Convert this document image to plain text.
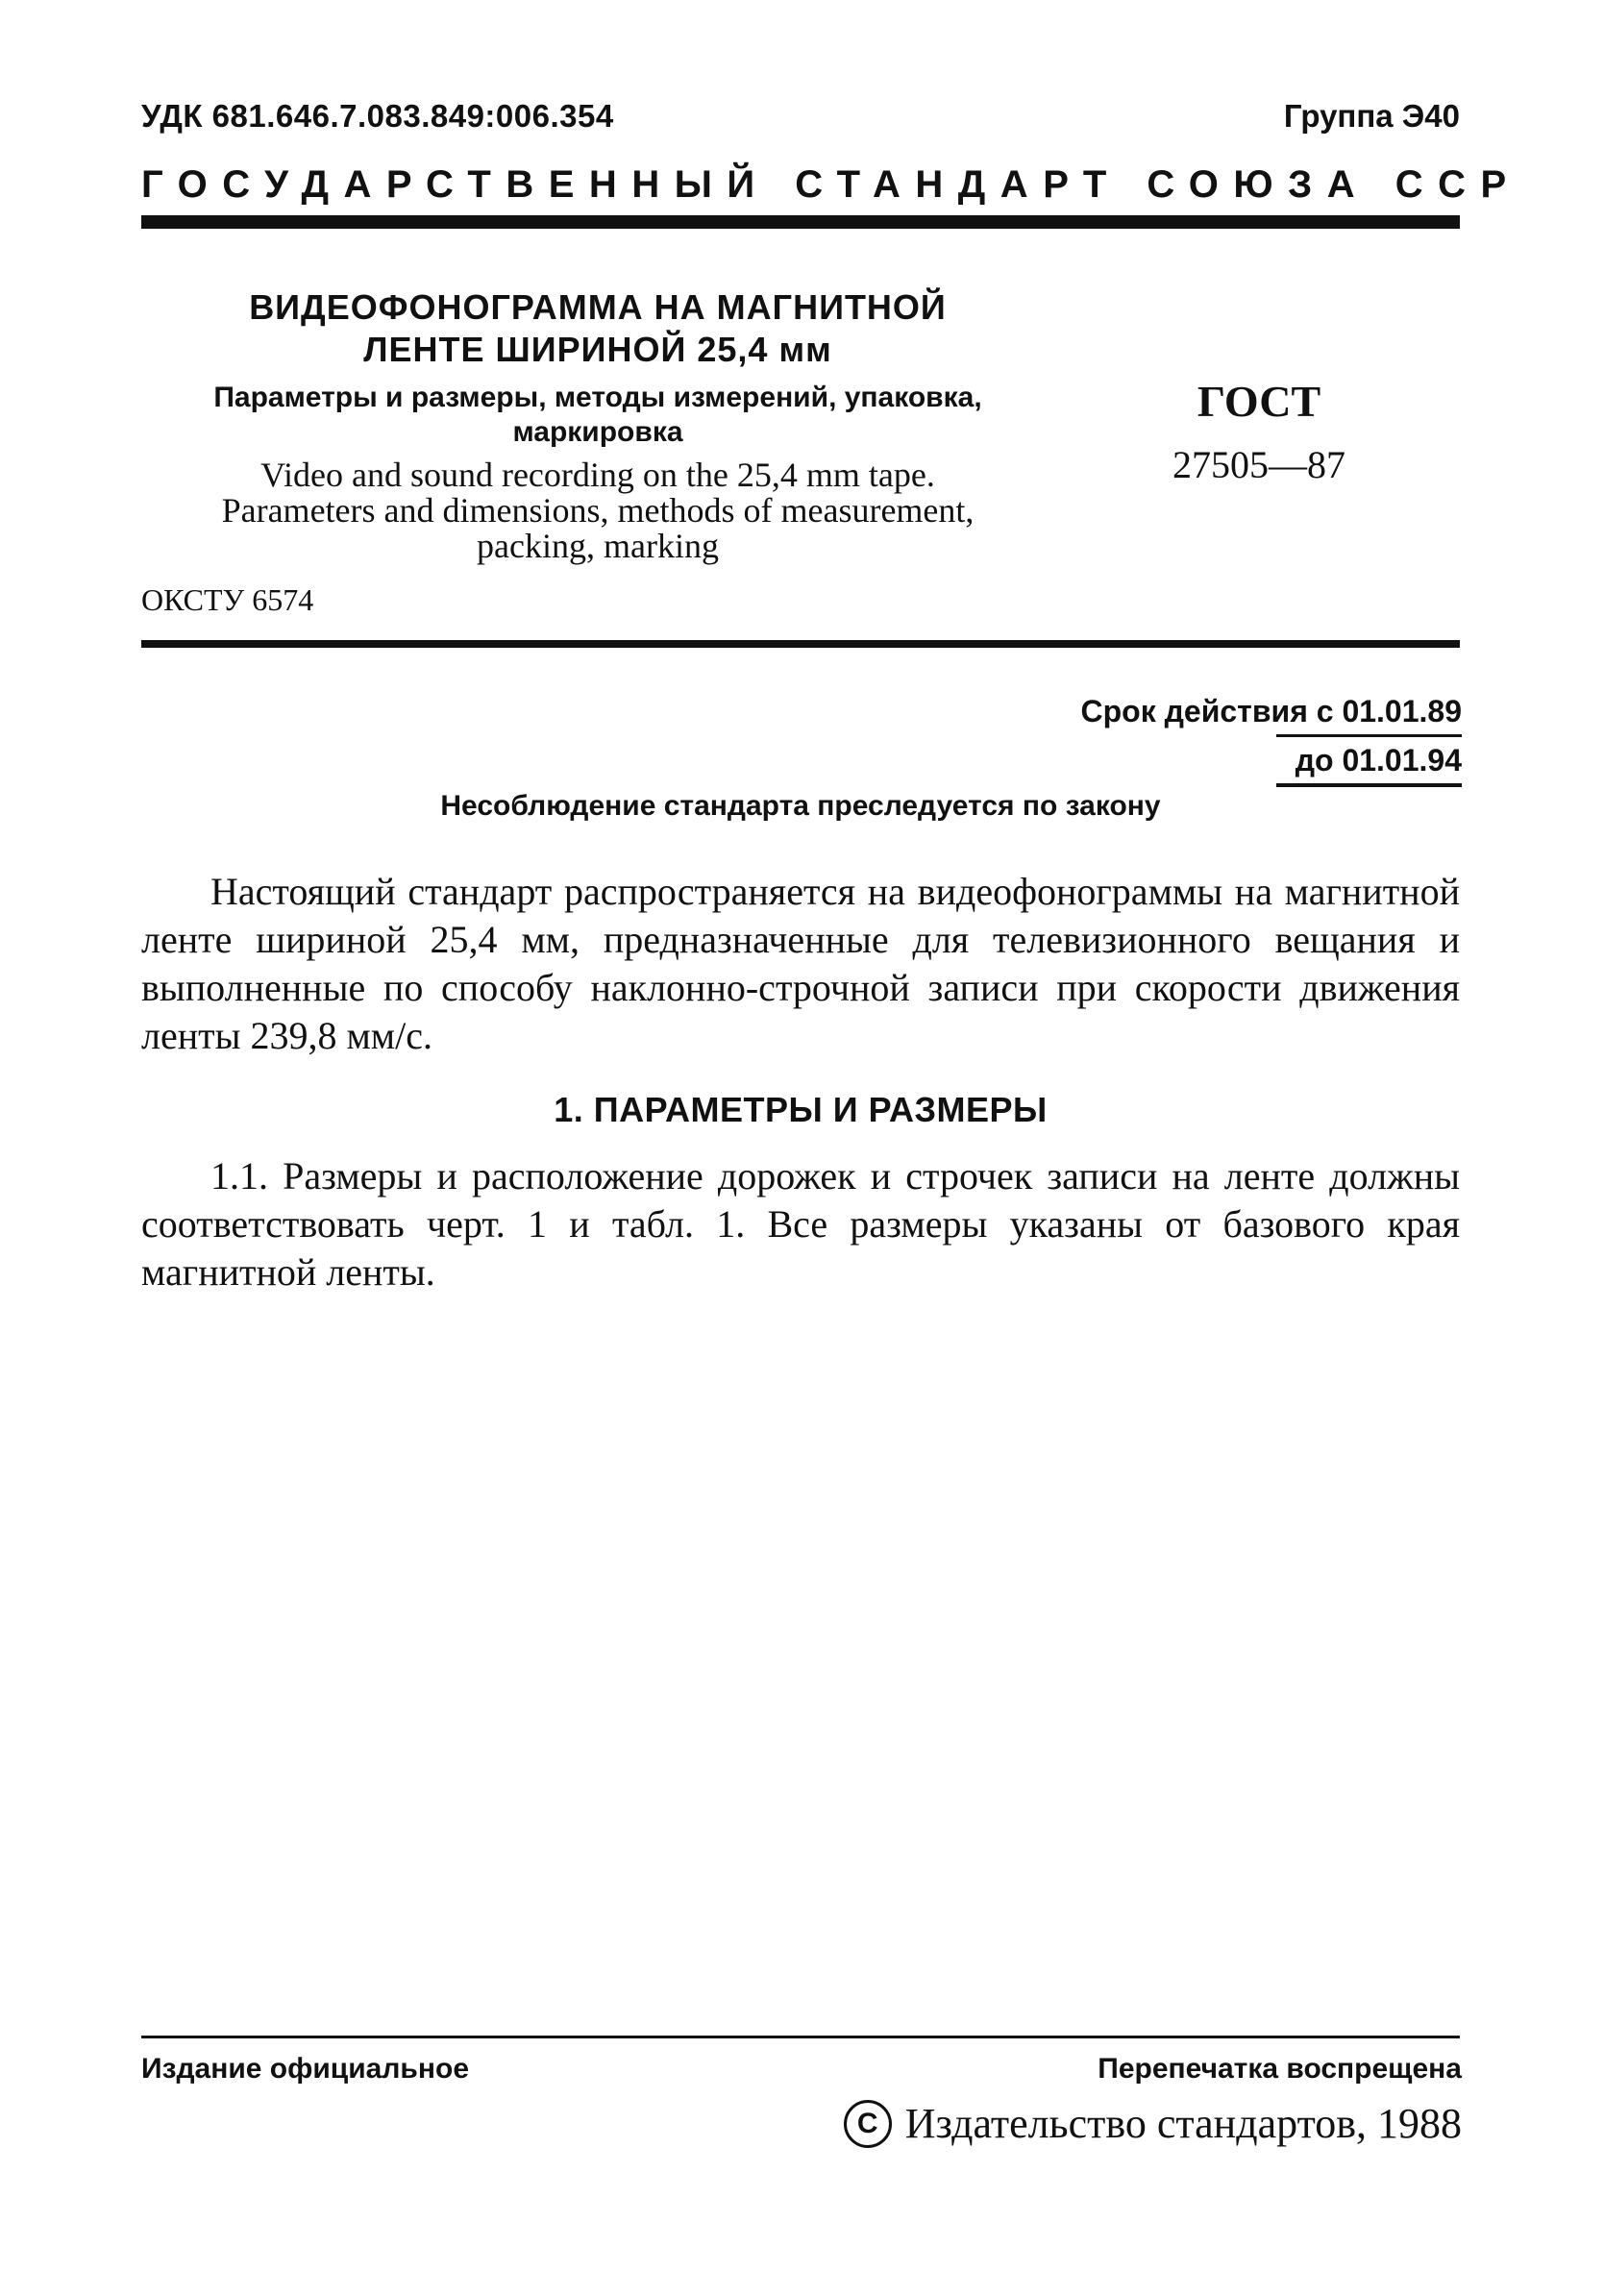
УДК 681.646.7.083.849:006.354	Группа Э40
ГОСУДАРСТВЕННЫЙ СТАНДАРТ СОЮЗА ССР
ВИДЕОФОНОГРАММА НА МАГНИТНОЙ
ЛЕНТЕ ШИРИНОЙ 25,4 мм
Параметры и размеры, методы измерений, упаковка,
маркировка
Video and sound recording on the 25,4 mm tape.
Parameters and dimensions, methods of measurement,
packing, marking
ГОСТ
27505—87
ОКСТУ 6574
Срок действия с 01.01.89
до 01.01.94
Несоблюдение стандарта преследуется по закону
Настоящий стандарт распространяется на видеофонограммы на магнитной ленте шириной 25,4 мм, предназначенные для телевизионного вещания и выполненные по способу наклонно-строчной записи при скорости движения ленты 239,8 мм/с.
1. ПАРАМЕТРЫ И РАЗМЕРЫ
1.1. Размеры и расположение дорожек и строчек записи на ленте должны соответствовать черт. 1 и табл. 1. Все размеры указаны от базового края магнитной ленты.
Издание официальное	Перепечатка воспрещена
C Издательство стандартов, 1988
